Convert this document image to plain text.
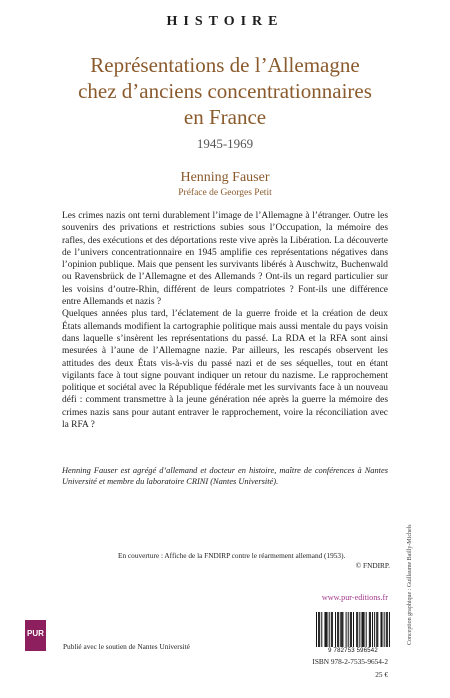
HISTOIRE
Représentations de l’Allemagne
chez d’anciens concentrationnaires
en France
1945-1969
Henning Fauser
Préface de Georges Petit

Les crimes nazis ont terni durablement l’image de l’Allemagne à l’étranger. Outre les souvenirs des privations et restrictions subies sous l’Occupation, la mémoire des rafles, des exécutions et des déportations reste vive après la Libération. La découverte de l’univers concentrationnaire en 1945 amplifie ces représentations négatives dans l’opinion publique. Mais que pensent les survivants libérés à Auschwitz, Buchenwald ou Ravensbrück de l’Allemagne et des Allemands ? Ont-ils un regard particulier sur les voisins d’outre-Rhin, différent de leurs compatriotes ? Font-ils une différence entre Allemands et nazis ?

Quelques années plus tard, l’éclatement de la guerre froide et la création de deux États allemands modifient la cartographie politique mais aussi mentale du pays voisin dans laquelle s’insèrent les représentations du passé. La RDA et la RFA sont ainsi mesurées à l’aune de l’Allemagne nazie. Par ailleurs, les rescapés observent les attitudes des deux États vis-à-vis du passé nazi et de ses séquelles, tout en étant vigilants face à tout signe pouvant indiquer un retour du nazisme. Le rapprochement politique et sociétal avec la République fédérale met les survivants face à un nouveau défi : comment transmettre à la jeune génération née après la guerre la mémoire des crimes nazis sans pour autant entraver le rapprochement, voire la réconciliation avec la RFA ?

Henning Fauser est agrégé d’allemand et docteur en histoire, maître de conférences à Nantes Université et membre du laboratoire CRINI (Nantes Université).
En couverture : Affiche de la FNDIRP contre le réarmement allemand (1953).
© FNDIRP.
www.pur-editions.fr
PUR
Publié avec le soutien de Nantes Université	9 782753 596542
ISBN 978-2-7535-9654-2
25 €
Conception graphique : Guillaume Bailly-Michels
